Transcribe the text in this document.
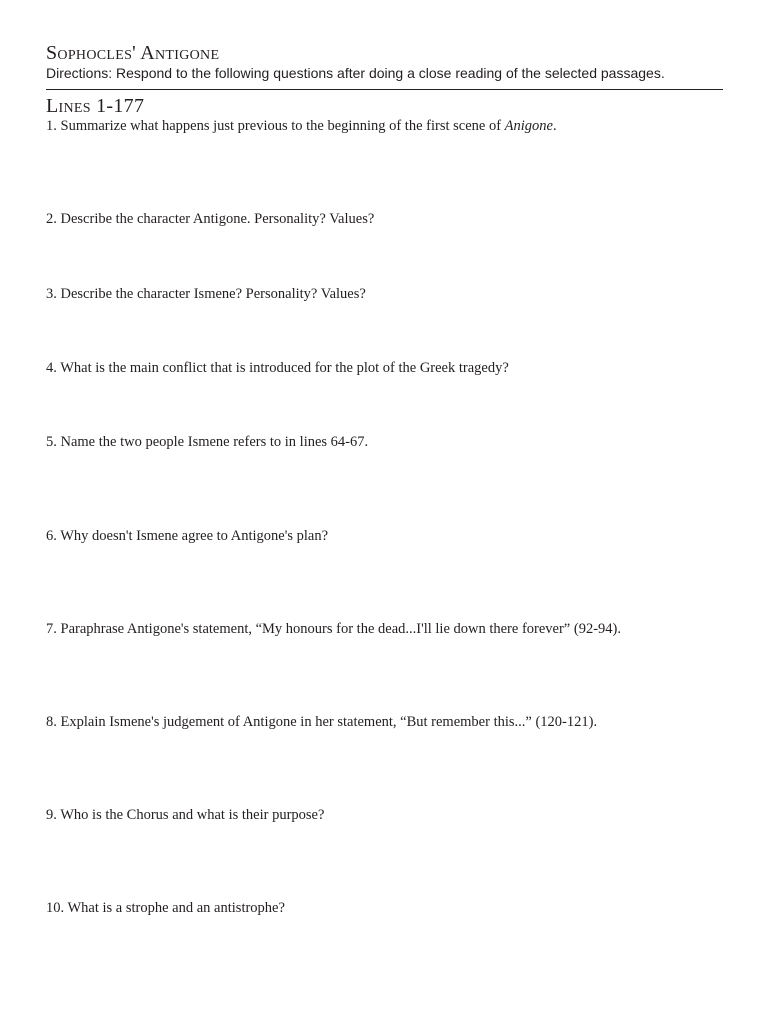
Sophocles' Antigone
Directions: Respond to the following questions after doing a close reading of the selected passages.
Lines 1-177
1. Summarize what happens just previous to the beginning of the first scene of Anigone.
2. Describe the character Antigone. Personality? Values?
3. Describe the character Ismene? Personality? Values?
4. What is the main conflict that is introduced for the plot of the Greek tragedy?
5. Name the two people Ismene refers to in lines 64-67.
6. Why doesn't Ismene agree to Antigone's plan?
7. Paraphrase Antigone's statement, “My honours for the dead...I'll lie down there forever” (92-94).
8. Explain Ismene's judgement of Antigone in her statement, “But remember this...” (120-121).
9. Who is the Chorus and what is their purpose?
10. What is a strophe and an antistrophe?
